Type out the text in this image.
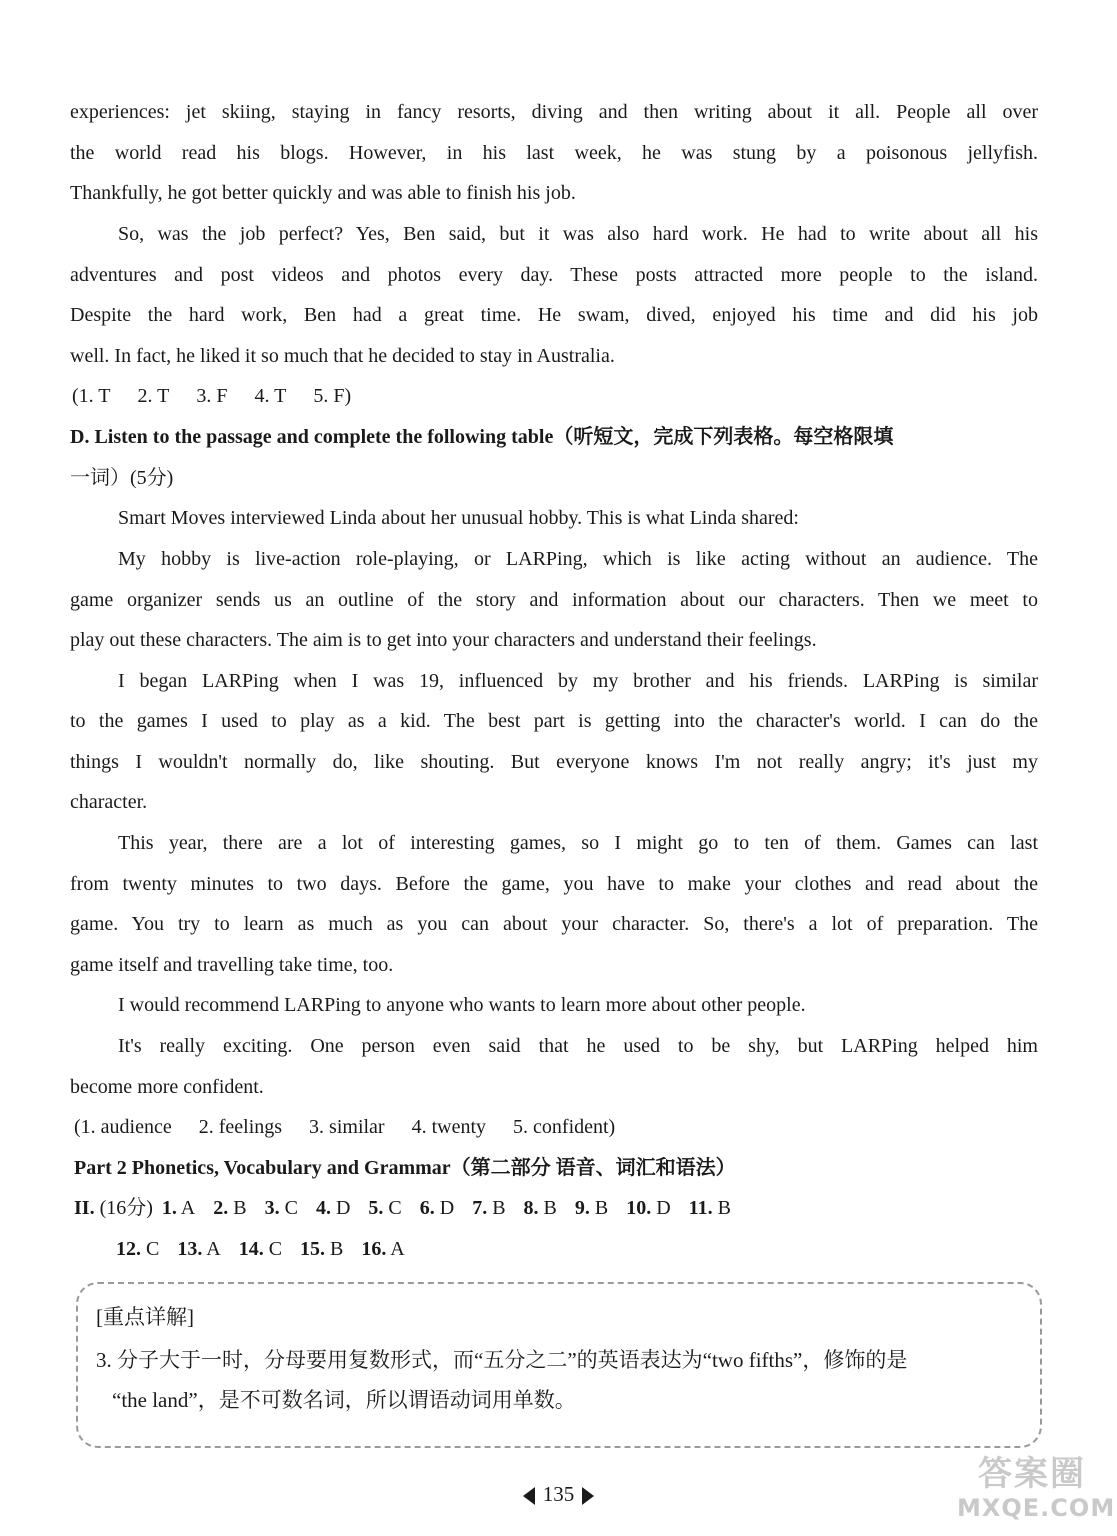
experiences: jet skiing, staying in fancy resorts, diving and then writing about it all. People all over
the world read his blogs. However, in his last week, he was stung by a poisonous jellyfish.
Thankfully, he got better quickly and was able to finish his job.
So, was the job perfect? Yes, Ben said, but it was also hard work. He had to write about all his
adventures and post videos and photos every day. These posts attracted more people to the island.
Despite the hard work, Ben had a great time. He swam, dived, enjoyed his time and did his job
well. In fact, he liked it so much that he decided to stay in Australia.
(1. T 2. T 3. F 4. T 5. F)
D. Listen to the passage and complete the following table（听短文，完成下列表格。每空格限填
一词）(5分)
Smart Moves interviewed Linda about her unusual hobby. This is what Linda shared:
My hobby is live-action role-playing, or LARPing, which is like acting without an audience. The
game organizer sends us an outline of the story and information about our characters. Then we meet to
play out these characters. The aim is to get into your characters and understand their feelings.
I began LARPing when I was 19, influenced by my brother and his friends. LARPing is similar
to the games I used to play as a kid. The best part is getting into the character's world. I can do the
things I wouldn't normally do, like shouting. But everyone knows I'm not really angry; it's just my
character.
This year, there are a lot of interesting games, so I might go to ten of them. Games can last
from twenty minutes to two days. Before the game, you have to make your clothes and read about the
game. You try to learn as much as you can about your character. So, there's a lot of preparation. The
game itself and travelling take time, too.
I would recommend LARPing to anyone who wants to learn more about other people.
It's really exciting. One person even said that he used to be shy, but LARPing helped him
become more confident.
(1. audience 2. feelings 3. similar 4. twenty 5. confident)
Part 2 Phonetics, Vocabulary and Grammar（第二部分 语音、词汇和语法）
II. (16分) 1. A 2. B 3. C 4. D 5. C 6. D 7. B 8. B 9. B 10. D 11. B
12. C 13. A 14. C 15. B 16. A
[重点详解]
3. 分子大于一时，分母要用复数形式，而“五分之二”的英语表达为“two fifths”，修饰的是
“the land”，是不可数名词，所以谓语动词用单数。
135	答案圈
MXQE.COM
